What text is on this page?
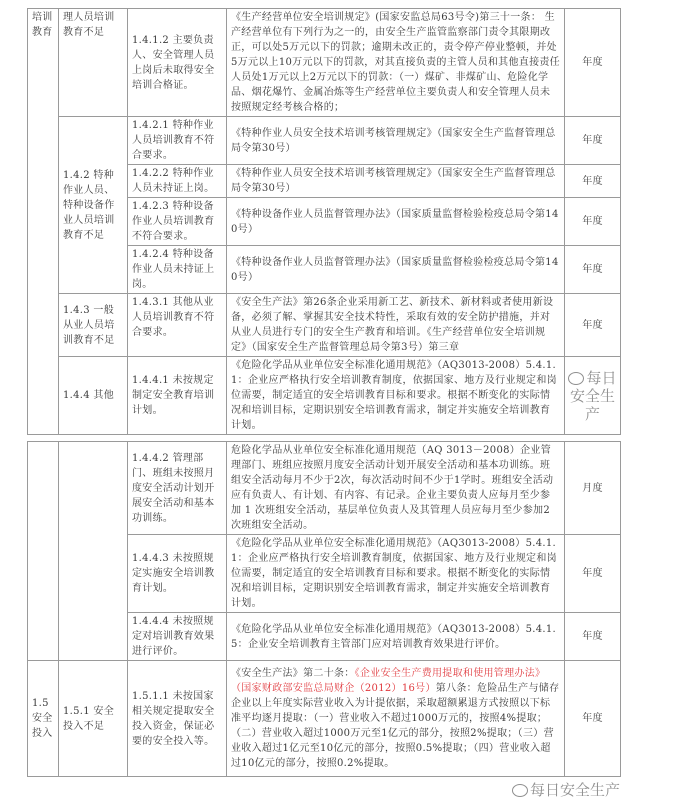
培训教育	理人员培训教育不足	1.4.1.2 主要负责人、安全管理人员上岗后未取得安全培训合格证。	《生产经营单位安全培训规定》(国家安监总局63号令)第三十一条： 生产经营单位有下列行为之一的，由安全生产监管监察部门责令其限期改正，可以处5万元以下的罚款；逾期未改正的，责令停产停业整顿，并处5万元以上10万元以下的罚款，对其直接负责的主管人员和其他直接责任人员处1万元以上2万元以下的罚款：（一）煤矿、非煤矿山、危险化学品、烟花爆竹、金属冶炼等生产经营单位主要负责人和安全管理人员未按照规定经考核合格的；	年度
	1.4.2 特种作业人员、特种设备作业人员培训教育不足	1.4.2.1 特种作业人员培训教育不符合要求。	《特种作业人员安全技术培训考核管理规定》（国家安全生产监督管理总局令第30号）	年度
		1.4.2.2 特种作业人员未持证上岗。	《特种作业人员安全技术培训考核管理规定》（国家安全生产监督管理总局令第30号）	年度
		1.4.2.3 特种设备作业人员培训教育不符合要求。	《特种设备作业人员监督管理办法》（国家质量监督检验检疫总局令第140号）	年度
		1.4.2.4 特种设备作业人员未持证上岗。	《特种设备作业人员监督管理办法》（国家质量监督检验检疫总局令第140号）	年度
	1.4.3 一般从业人员培训教育不足	1.4.3.1 其他从业人员培训教育不符合要求。	《安全生产法》第26条企业采用新工艺、新技术、新材料或者使用新设备，必须了解、掌握其安全技术特性，采取有效的安全防护措施，并对从业人员进行专门的安全生产教育和培训。《生产经营单位安全培训规定》（国家安全生产监督管理总局令第3号）第三章	年度
	1.4.4 其他	1.4.4.1 未按规定制定安全教育培训计划。	《危险化学品从业单位安全标准化通用规范》（AQ3013-2008）5.4.1.1：企业应严格执行安全培训教育制度，依据国家、地方及行业规定和岗位需要，制定适宜的安全培训教育目标和要求。根据不断变化的实际情况和培训目标，定期识别安全培训教育需求，制定并实施安全培训教育计划。	每日安全生产
		1.4.4.2 管理部门、班组未按照月度安全活动计划开展安全活动和基本功训练。	危险化学品从业单位安全标准化通用规范（AQ 3013－2008）企业管理部门、班组应按照月度安全活动计划开展安全活动和基本功训练。班组安全活动每月不少于2次，每次活动时间不少于1学时。班组安全活动应有负责人、有计划、有内容、有记录。企业主要负责人应每月至少参加 1 次班组安全活动，基层单位负责人及其管理人员应每月至少参加2次班组安全活动。	月度
		1.4.4.3 未按照规定实施安全培训教育计划。	《危险化学品从业单位安全标准化通用规范》（AQ3013-2008）5.4.1.1：企业应严格执行安全培训教育制度，依据国家、地方及行业规定和岗位需要，制定适宜的安全培训教育目标和要求。根据不断变化的实际情况和培训目标，定期识别安全培训教育需求，制定并实施安全培训教育计划。	年度
		1.4.4.4 未按照规定对培训教育效果进行评价。	《危险化学品从业单位安全标准化通用规范》（AQ3013-2008）5.4.1.5：企业安全培训教育主管部门应对培训教育效果进行评价。	年度
1.5 安全投入	1.5.1 安全投入不足	1.5.1.1 未按国家相关规定提取安全投入资金，保证必要的安全投入等。	《安全生产法》第二十条：《企业安全生产费用提取和使用管理办法》（国家财政部安监总局财企（2012）16号）第八条：危险品生产与储存企业以上年度实际营业收入为计提依据，采取超额累退方式按照以下标准平均逐月提取：（一）营业收入不超过1000万元的，按照4%提取；（二）营业收入超过1000万元至1亿元的部分，按照2%提取；（三）营业收入超过1亿元至10亿元的部分，按照0.5%提取；（四）营业收入超过10亿元的部分，按照0.2%提取。	年度
每日安全生产
